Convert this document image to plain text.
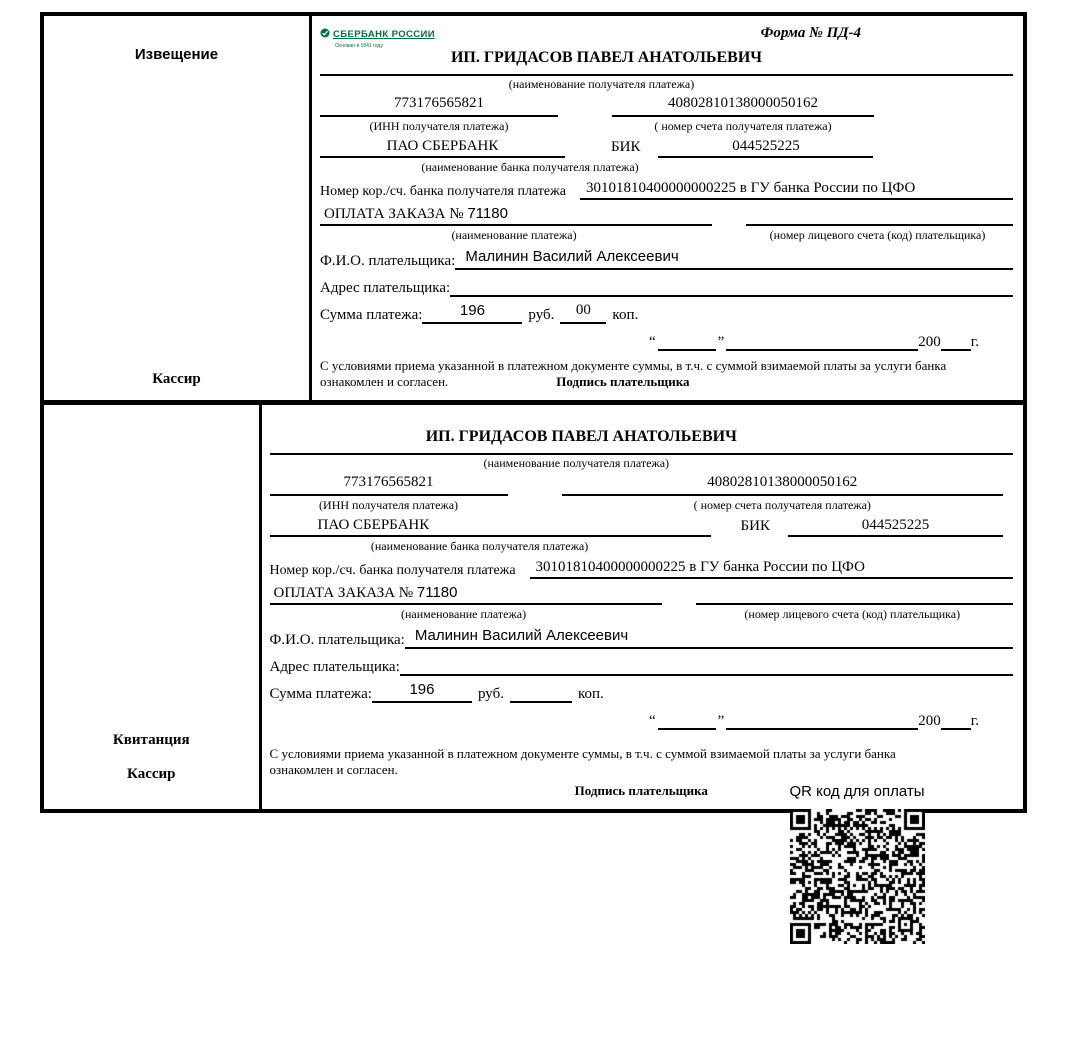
Извещение
Кассир
СБЕРБАНК РОССИИ
Основан в 1841 году
Форма № ПД-4
ИП. ГРИДАСОВ ПАВЕЛ АНАТОЛЬЕВИЧ
(наименование получателя платежа)
773176565821
(ИНН получателя платежа)
40802810138000050162
( номер счета получателя платежа)
ПАО СБЕРБАНК	БИК	044525225
(наименование банка получателя платежа)
Номер кор./сч. банка получателя платежа	30101810400000000225 в ГУ банка России по ЦФО
ОПЛАТА ЗАКАЗА № 71180
(наименование платежа)	(номер лицевого счета (код) плательщика)
Ф.И.О. плательщика: Малинин Василий Алексеевич
Адрес плательщика:
Сумма платежа:	196	руб.	00	коп.
“	”	200 г.
С условиями приема указанной в платежном документе суммы, в т.ч. с суммой взимаемой платы за услуги банка
ознакомлен и согласен.	Подпись плательщика
Квитанция
Кассир
ИП. ГРИДАСОВ ПАВЕЛ АНАТОЛЬЕВИЧ
(наименование получателя платежа)
773176565821
(ИНН получателя платежа)
40802810138000050162
( номер счета получателя платежа)
ПАО СБЕРБАНК	БИК	044525225
(наименование банка получателя платежа)
Номер кор./сч. банка получателя платежа	30101810400000000225 в ГУ банка России по ЦФО
ОПЛАТА ЗАКАЗА № 71180
(наименование платежа)	(номер лицевого счета (код) плательщика)
Ф.И.О. плательщика: Малинин Василий Алексеевич
Адрес плательщика:
Сумма платежа:	196	руб.	коп.
“	”	200 г.
С условиями приема указанной в платежном документе суммы, в т.ч. с суммой взимаемой платы за услуги банка
ознакомлен и согласен.
Подпись плательщика	QR код для оплаты
